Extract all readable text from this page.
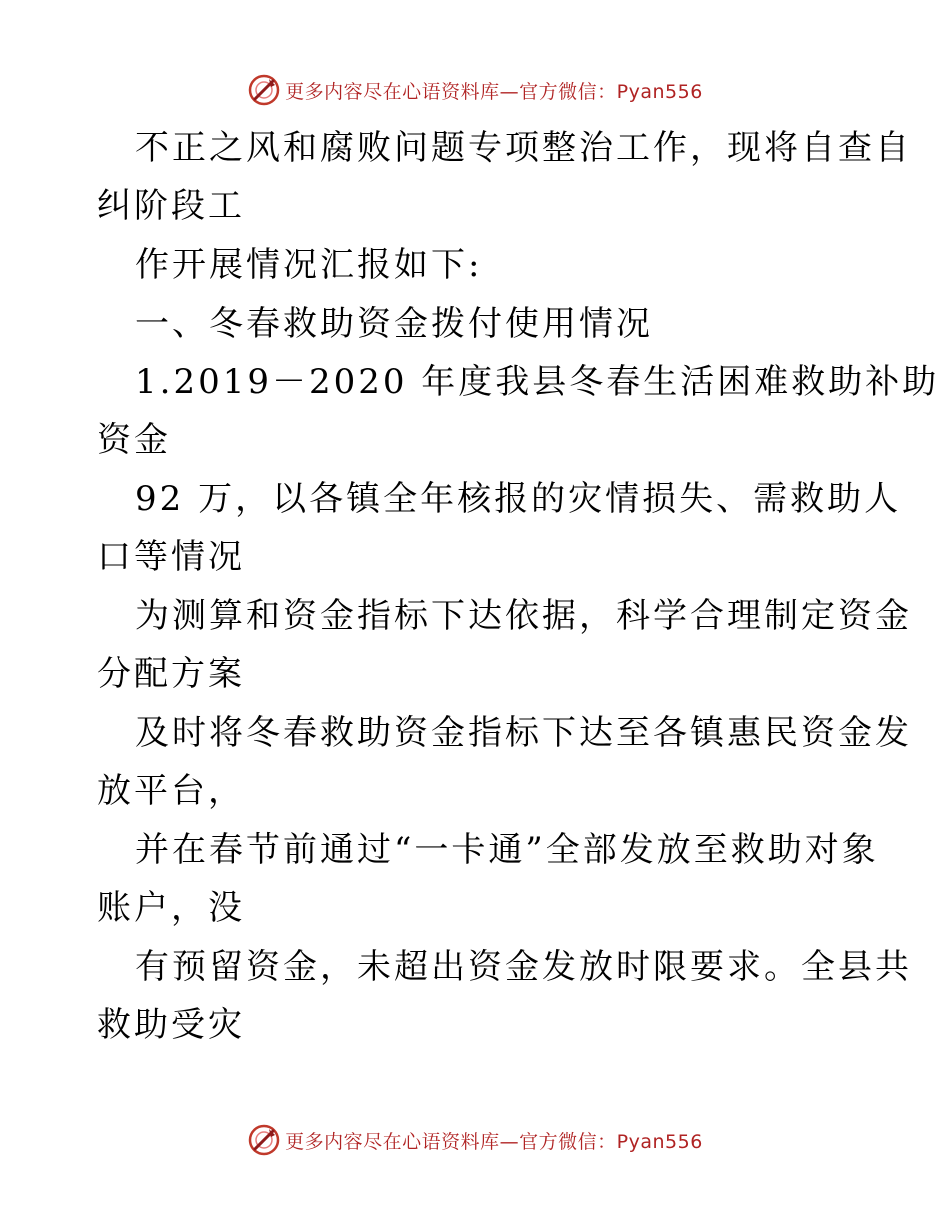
更多内容尽在心语资料库—官方微信：Pyan556
不正之风和腐败问题专项整治工作，现将自查自
纠阶段工
作开展情况汇报如下:
一、冬春救助资金拨付使用情况
1.2019－2020 年度我县冬春生活困难救助补助
资金
92 万，以各镇全年核报的灾情损失、需救助人
口等情况
为测算和资金指标下达依据，科学合理制定资金
分配方案
及时将冬春救助资金指标下达至各镇惠民资金发
放平台，
并在春节前通过“一卡通”全部发放至救助对象
账户，没
有预留资金，未超出资金发放时限要求。全县共
救助受灾
更多内容尽在心语资料库—官方微信：Pyan556
